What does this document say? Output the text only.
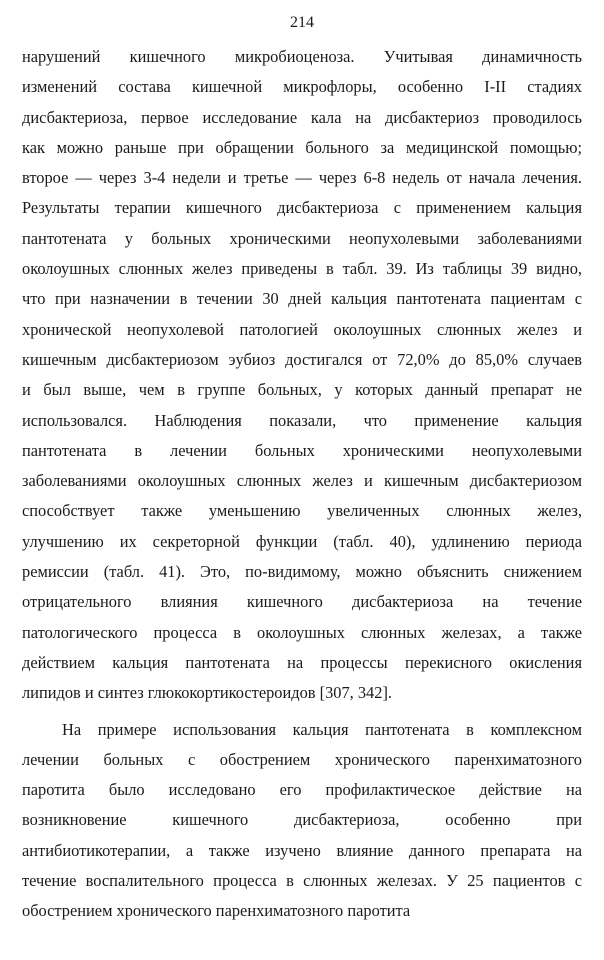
214
нарушений кишечного микробиоценоза. Учитывая динамичность
изменений состава кишечной микрофлоры, особенно I-II стадиях
дисбактериоза, первое исследование кала на дисбактериоз проводилось
как можно раньше при обращении больного за медицинской помощью;
второе — через 3-4 недели и третье — через 6-8 недель от начала лечения.
Результаты терапии кишечного дисбактериоза с применением кальция
пантотената у больных хроническими неопухолевыми заболеваниями
околоушных слюнных желез приведены в табл. 39. Из таблицы 39 видно,
что при назначении в течении 30 дней кальция пантотената пациентам с
хронической неопухолевой патологией околоушных слюнных желез и
кишечным дисбактериозом эубиоз достигался от 72,0% до 85,0% случаев
и был выше, чем в группе больных, у которых данный препарат не
использовался. Наблюдения показали, что применение кальция
пантотената в лечении больных хроническими неопухолевыми
заболеваниями околоушных слюнных желез и кишечным дисбактериозом
способствует также уменьшению увеличенных слюнных желез,
улучшению их секреторной функции (табл. 40), удлинению периода
ремиссии (табл. 41). Это, по-видимому, можно объяснить снижением
отрицательного влияния кишечного дисбактериоза на течение
патологического процесса в околоушных слюнных железах, а также
действием кальция пантотената на процессы перекисного окисления
липидов и синтез глюкокортикостероидов [307, 342].
На примере использования кальция пантотената в комплексном
лечении больных с обострением хронического паренхиматозного
паротита было исследовано его профилактическое действие на
возникновение кишечного дисбактериоза, особенно при
антибиотикотерапии, а также изучено влияние данного препарата на
течение воспалительного процесса в слюнных железах. У 25 пациентов с
обострением хронического паренхиматозного паротита
